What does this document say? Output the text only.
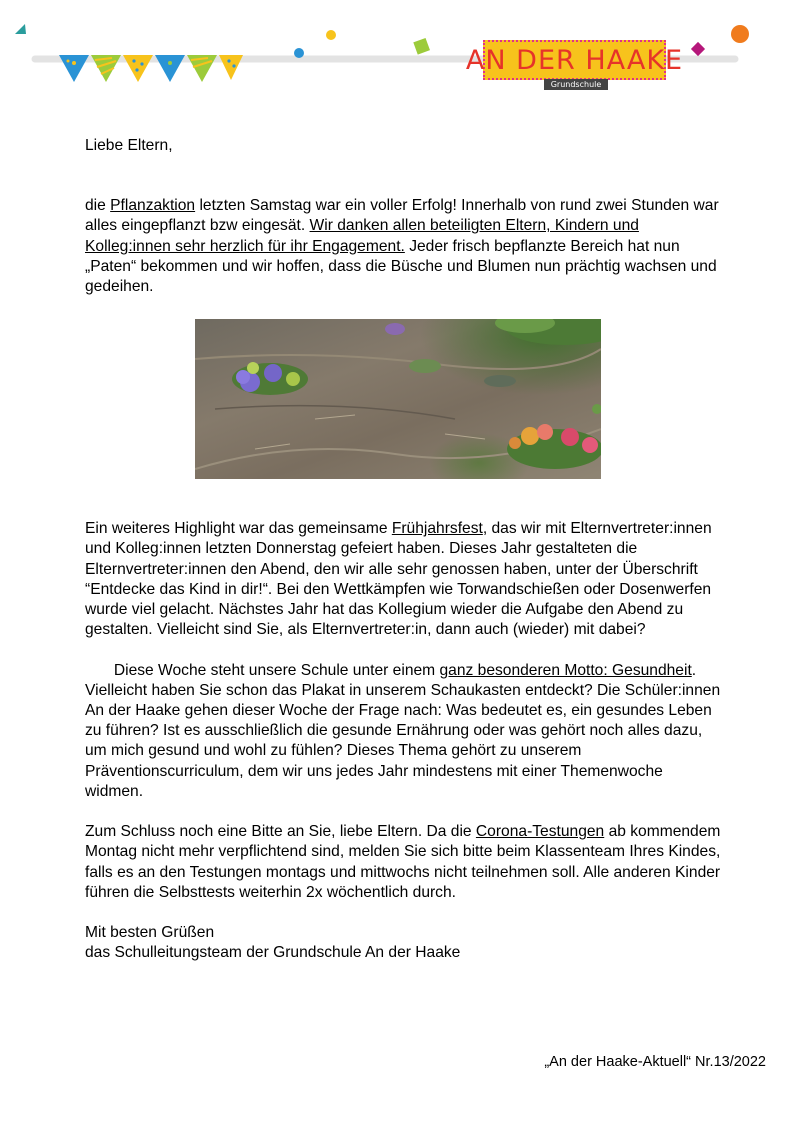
AN DER HAAKE
Grundschule

Liebe Eltern,

die Pflanzaktion letzten Samstag war ein voller Erfolg! Innerhalb von rund zwei Stunden war alles eingepflanzt bzw eingesät. Wir danken allen beteiligten Eltern, Kindern und Kolleg:innen sehr herzlich für ihr Engagement. Jeder frisch bepflanzte Bereich hat nun „Paten“ bekommen und wir hoffen, dass die Büsche und Blumen nun prächtig wachsen und gedeihen.

Ein weiteres Highlight war das gemeinsame Frühjahrsfest, das wir mit Elternvertreter:innen und Kolleg:innen letzten Donnerstag gefeiert haben. Dieses Jahr gestalteten die Elternvertreter:innen den Abend, den wir alle sehr genossen haben, unter der Überschrift “Entdecke das Kind in dir!“. Bei den Wettkämpfen wie Torwandschießen oder Dosenwerfen wurde viel gelacht. Nächstes Jahr hat das Kollegium wieder die Aufgabe den Abend zu gestalten. Vielleicht sind Sie, als Elternvertreter:in, dann auch (wieder) mit dabei?

Diese Woche steht unsere Schule unter einem ganz besonderen Motto: Gesundheit.

Vielleicht haben Sie schon das Plakat in unserem Schaukasten entdeckt? Die Schüler:innen An der Haake gehen dieser Woche der Frage nach: Was bedeutet es, ein gesundes Leben zu führen? Ist es ausschließlich die gesunde Ernährung oder was gehört noch alles dazu, um mich gesund und wohl zu fühlen? Dieses Thema gehört zu unserem Präventionscurriculum, dem wir uns jedes Jahr mindestens mit einer Themenwoche widmen.

Zum Schluss noch eine Bitte an Sie, liebe Eltern. Da die Corona-Testungen ab kommendem Montag nicht mehr verpflichtend sind, melden Sie sich bitte beim Klassenteam Ihres Kindes, falls es an den Testungen montags und mittwochs nicht teilnehmen soll. Alle anderen Kinder führen die Selbsttests weiterhin 2x wöchentlich durch.

Mit besten Grüßen

das Schulleitungsteam der Grundschule An der Haake

„An der Haake-Aktuell“ Nr.13/2022
